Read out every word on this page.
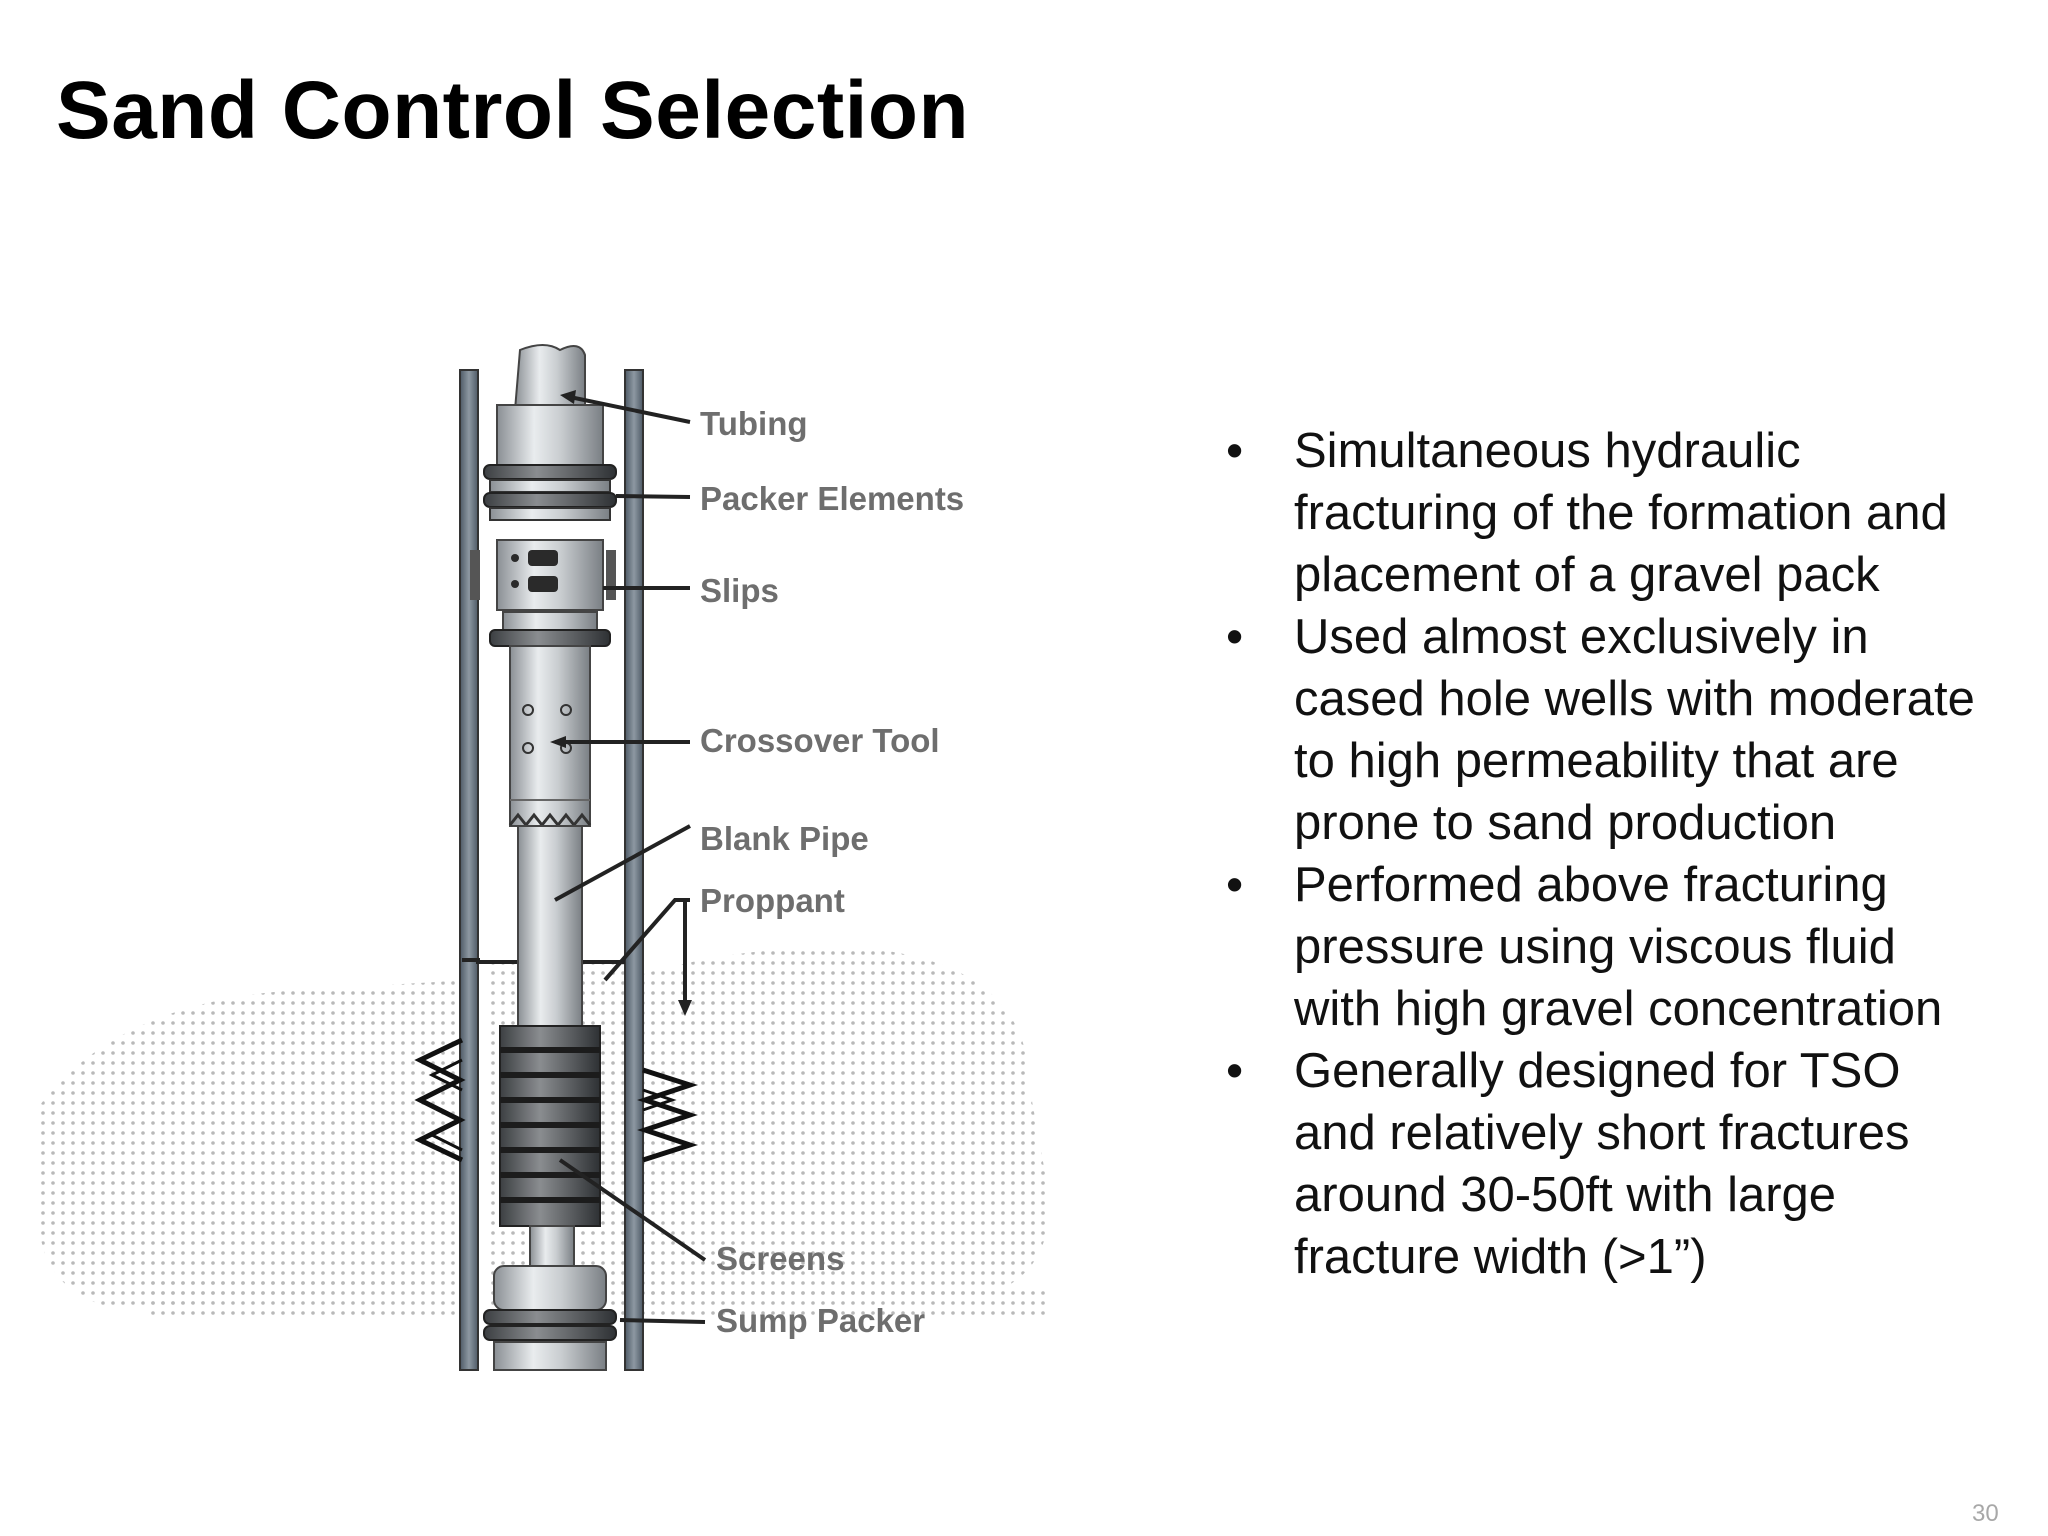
Sand Control Selection
Tubing
Packer Elements
Slips
Crossover Tool
Blank Pipe
Proppant
Screens
Sump Packer
• Simultaneous hydraulic
fracturing of the formation and
placement of a gravel pack
• Used almost exclusively in
cased hole wells with moderate
to high permeability that are
prone to sand production
• Performed above fracturing
pressure using viscous fluid
with high gravel concentration
• Generally designed for TSO
and relatively short fractures
around 30-50ft with large
fracture width (>1”)
30
